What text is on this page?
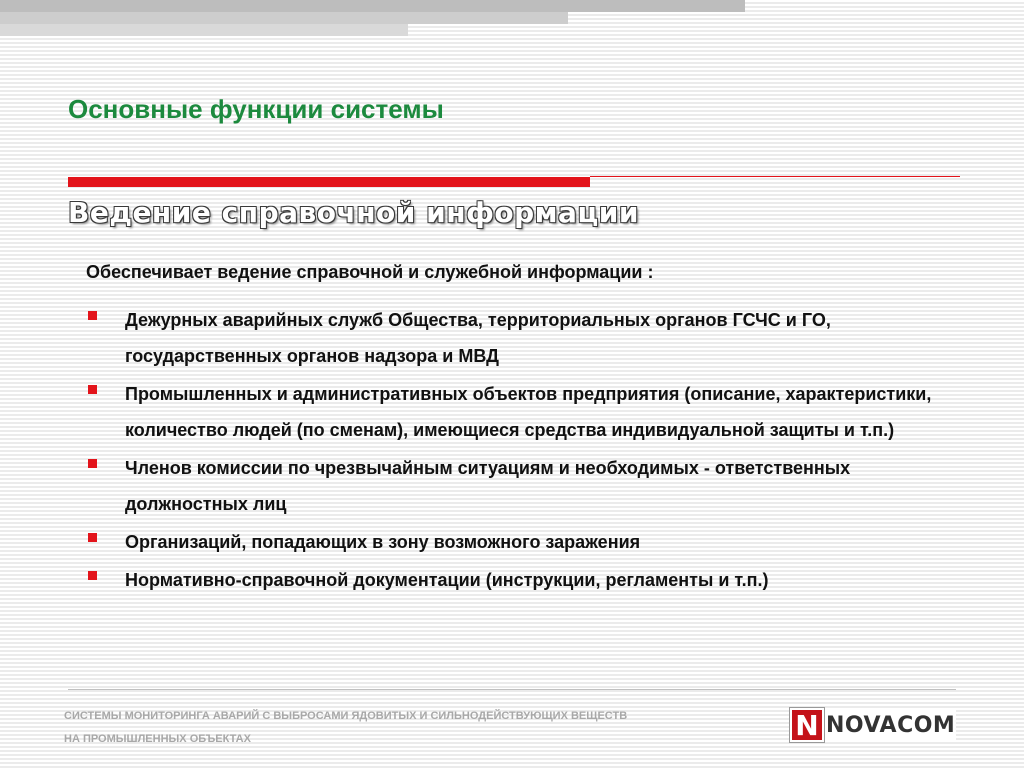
Основные функции системы
Ведение справочной информации
Обеспечивает ведение справочной и служебной информации :
Дежурных аварийных служб Общества, территориальных органов ГСЧС и ГО, государственных органов надзора и МВД
Промышленных и административных объектов предприятия (описание, характеристики, количество людей (по сменам), имеющиеся средства индивидуальной защиты и т.п.)
Членов комиссии по чрезвычайным ситуациям и необходимых - ответственных должностных лиц
Организаций, попадающих в зону возможного заражения
Нормативно-справочной документации (инструкции, регламенты и т.п.)
СИСТЕМЫ МОНИТОРИНГА АВАРИЙ С ВЫБРОСАМИ ЯДОВИТЫХ И СИЛЬНОДЕЙСТВУЮЩИХ ВЕЩЕСТВ
НА ПРОМЫШЛЕННЫХ ОБЪЕКТАХ	N NOVACOM
